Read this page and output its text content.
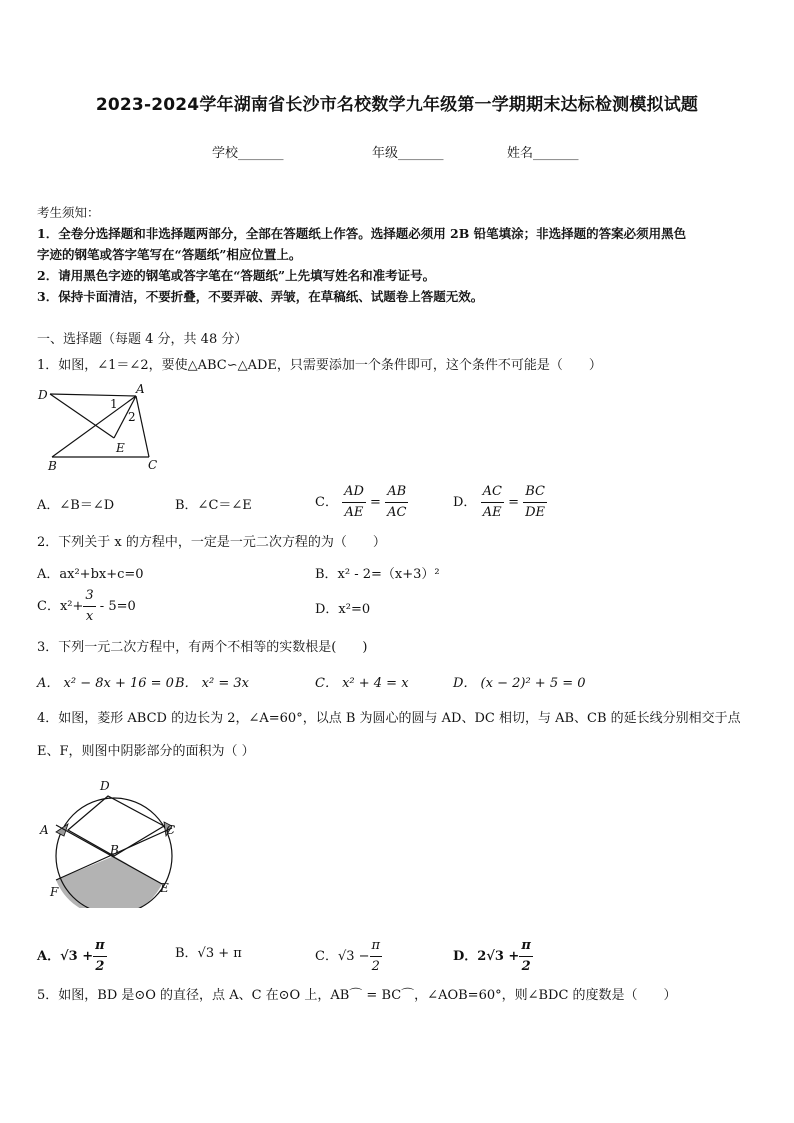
2023-2024学年湖南省长沙市名校数学九年级第一学期期末达标检测模拟试题
学校_______	年级_______	姓名_______
考生须知：
1．全卷分选择题和非选择题两部分，全部在答题纸上作答。选择题必须用 2B 铅笔填涂；非选择题的答案必须用黑色
字迹的钢笔或答字笔写在“答题纸”相应位置上。
2．请用黑色字迹的钢笔或答字笔在“答题纸”上先填写姓名和准考证号。
3．保持卡面清洁，不要折叠，不要弄破、弄皱，在草稿纸、试题卷上答题无效。
一、选择题（每题 4 分，共 48 分）
1．如图，∠1＝∠2，要使△ABC∽△ADE，只需要添加一个条件即可，这个条件不可能是（　　）
D	A
1
2
E
B	C
A．∠B＝∠D	B．∠C＝∠E	C． $\frac{AD}{AE} = \frac{AB}{AC}$	D． $\frac{AC}{AE} = \frac{BC}{DE}$
2．下列关于 x 的方程中，一定是一元二次方程的为（　　）
A．ax²+bx+c=0	B．x² - 2=（x+3）²
C．$x^2+ \frac{3}{x} - 5=0$	D．x²=0
3．下列一元二次方程中，有两个不相等的实数根是(　　)
A． x² − 8x + 16 = 0 B． x² = 3x	C． x² + 4 = x	D． (x − 2)² + 5 = 0
4．如图，菱形 ABCD 的边长为 2，∠A=60°，以点 B 为圆心的圆与 AD、DC 相切，与 AB、CB 的延长线分别相交于点
E、F，则图中阴影部分的面积为（ ）
D
A	C
B
F	E
A．$√3 + \frac{\pi}{2}$	B．√3 + π	C．$√3 - \frac{\pi}{2}$	D．$2√3 + \frac{\pi}{2}$
5．如图，BD 是⊙O 的直径，点 A、C 在⊙O 上，AB⌒ = BC⌒，∠AOB=60°，则∠BDC 的度数是（　　）
